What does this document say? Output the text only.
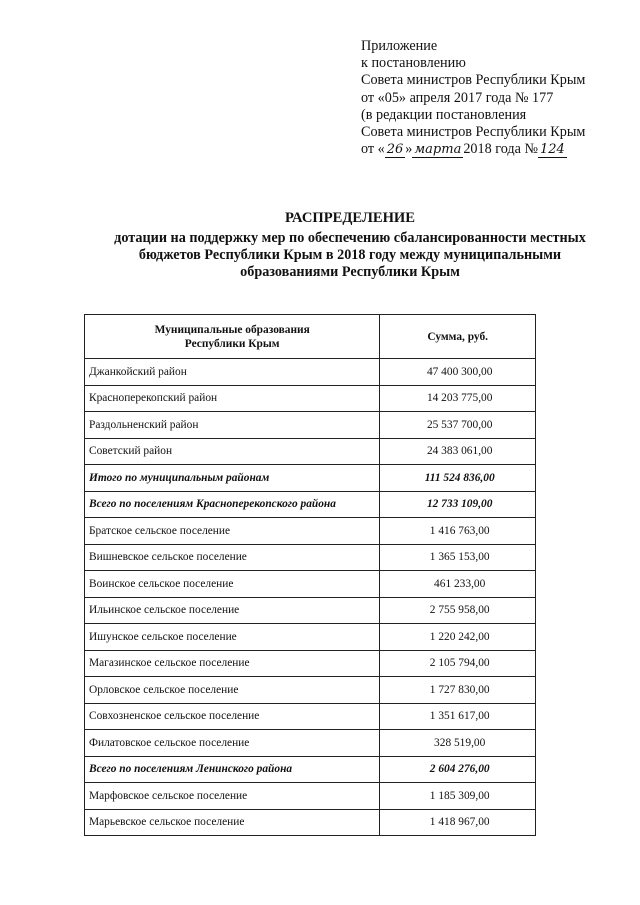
Приложение
к постановлению
Совета министров Республики Крым
от «05» апреля 2017 года № 177
(в редакции постановления
Совета министров Республики Крым
от « 26 » марта 2018 года № 124
РАСПРЕДЕЛЕНИЕ
дотации на поддержку мер по обеспечению сбалансированности местных
бюджетов Республики Крым в 2018 году между муниципальными
образованиями Республики Крым
Муниципальные образования
Республики Крым	Сумма, руб.
Джанкойский район	47 400 300,00
Красноперекопский район	14 203 775,00
Раздольненский район	25 537 700,00
Советский район	24 383 061,00
Итого по муниципальным районам	111 524 836,00
Всего по поселениям Красноперекопского района	12 733 109,00
Братское сельское поселение	1 416 763,00
Вишневское сельское поселение	1 365 153,00
Воинское сельское поселение	461 233,00
Ильинское сельское поселение	2 755 958,00
Ишунское сельское поселение	1 220 242,00
Магазинское сельское поселение	2 105 794,00
Орловское сельское поселение	1 727 830,00
Совхозненское сельское поселение	1 351 617,00
Филатовское сельское поселение	328 519,00
Всего по поселениям Ленинского района	2 604 276,00
Марфовское сельское поселение	1 185 309,00
Марьевское сельское поселение	1 418 967,00
